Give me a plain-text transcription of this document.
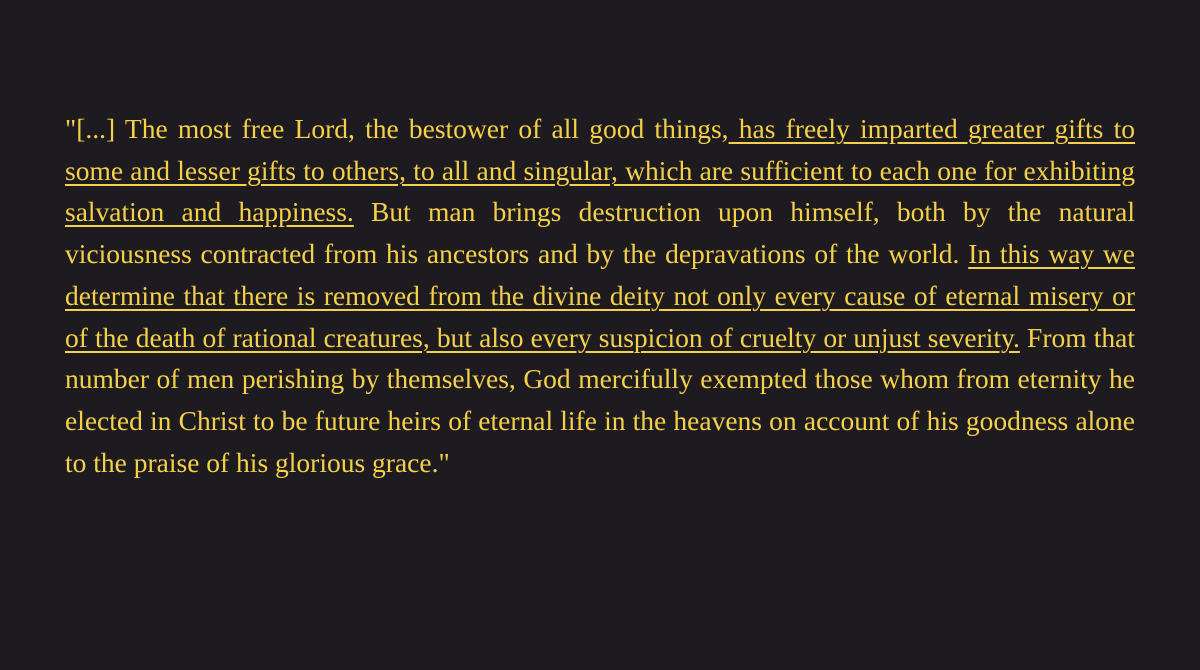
"[...] The most free Lord, the bestower of all good things, has freely imparted greater gifts to some and lesser gifts to others, to all and singular, which are sufficient to each one for exhibiting salvation and happiness. But man brings destruction upon himself, both by the natural viciousness contracted from his ancestors and by the depravations of the world. In this way we determine that there is removed from the divine deity not only every cause of eternal misery or of the death of rational creatures, but also every suspicion of cruelty or unjust severity. From that number of men perishing by themselves, God mercifully exempted those whom from eternity he elected in Christ to be future heirs of eternal life in the heavens on account of his goodness alone to the praise of his glorious grace."
